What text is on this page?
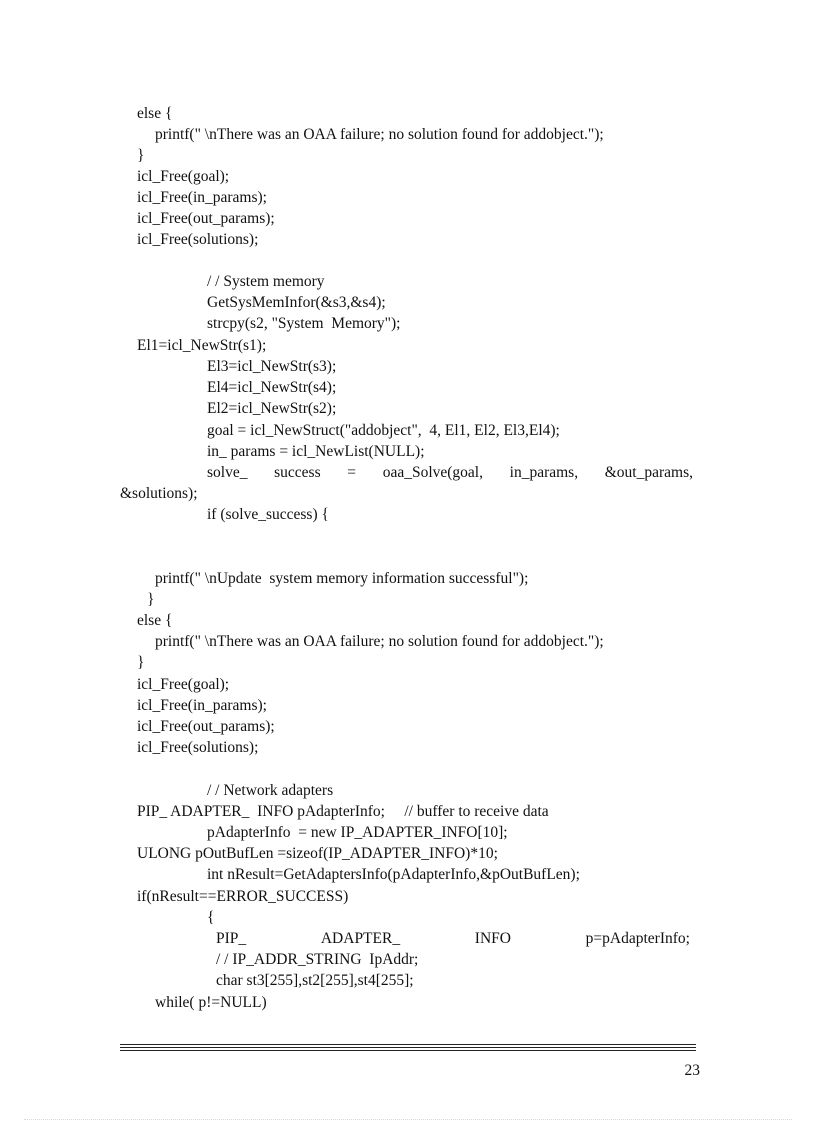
else {
printf(" \nThere was an OAA failure; no solution found for addobject.");
}
icl_Free(goal);
icl_Free(in_params);
icl_Free(out_params);
icl_Free(solutions);
/ / System memory
GetSysMemInfor(&s3,&s4);
strcpy(s2, "System  Memory");
El1=icl_NewStr(s1);
El3=icl_NewStr(s3);
El4=icl_NewStr(s4);
El2=icl_NewStr(s2);
goal = icl_NewStruct("addobject",  4, El1, El2, El3,El4);
in_ params = icl_NewList(NULL);
solve_ success = oaa_Solve(goal, in_params, &out_params,
&solutions);
if (solve_success) {
printf(" \nUpdate  system memory information successful");
}
else {
printf(" \nThere was an OAA failure; no solution found for addobject.");
}
icl_Free(goal);
icl_Free(in_params);
icl_Free(out_params);
icl_Free(solutions);
/ / Network adapters
PIP_ ADAPTER_  INFO pAdapterInfo;     // buffer to receive data
pAdapterInfo  = new IP_ADAPTER_INFO[10];
ULONG pOutBufLen =sizeof(IP_ADAPTER_INFO)*10;
int nResult=GetAdaptersInfo(pAdapterInfo,&pOutBufLen);
if(nResult==ERROR_SUCCESS)
{
PIP_	ADAPTER_	INFO	p=pAdapterInfo;
/ / IP_ADDR_STRING  IpAddr;
char st3[255],st2[255],st4[255];
while( p!=NULL)
23
